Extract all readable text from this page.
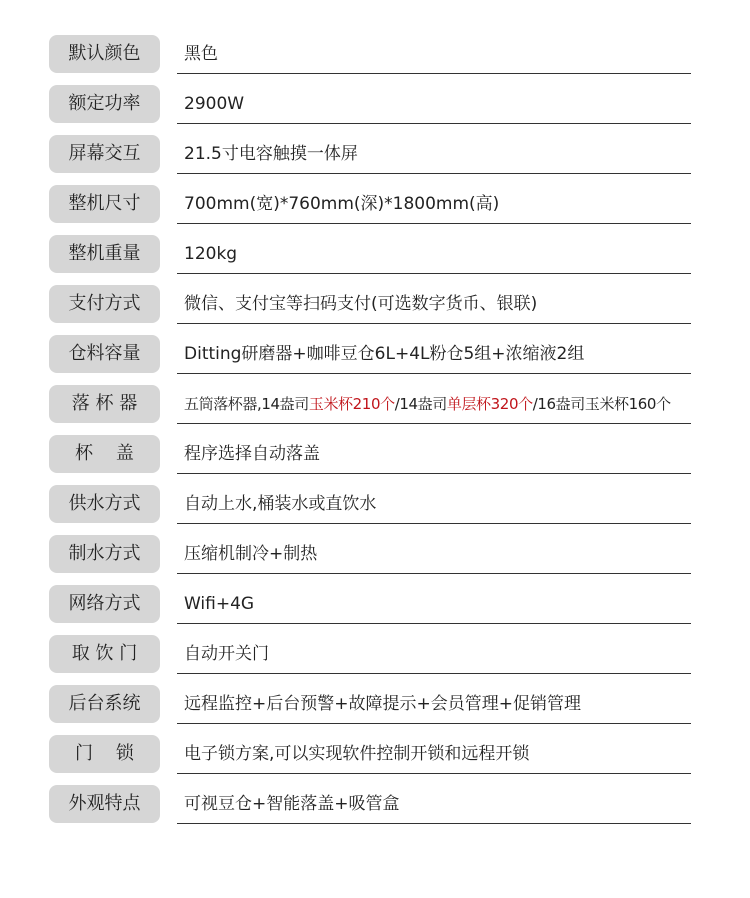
默认颜色	黑色
额定功率	2900W
屏幕交互	21.5寸电容触摸一体屏
整机尺寸	700mm(宽)*760mm(深)*1800mm(高)
整机重量	120kg
支付方式	微信、支付宝等扫码支付(可选数字货币、银联)
仓料容量	Ditting研磨器+咖啡豆仓6L+4L粉仓5组+浓缩液2组
落 杯 器	五筒落杯器,14盎司玉米杯210个/14盎司单层杯320个/16盎司玉米杯160个
杯    盖	程序选择自动落盖
供水方式	自动上水,桶装水或直饮水
制水方式	压缩机制冷+制热
网络方式	Wifi+4G
取 饮 门	自动开关门
后台系统	远程监控+后台预警+故障提示+会员管理+促销管理
门    锁	电子锁方案,可以实现软件控制开锁和远程开锁
外观特点	可视豆仓+智能落盖+吸管盒
